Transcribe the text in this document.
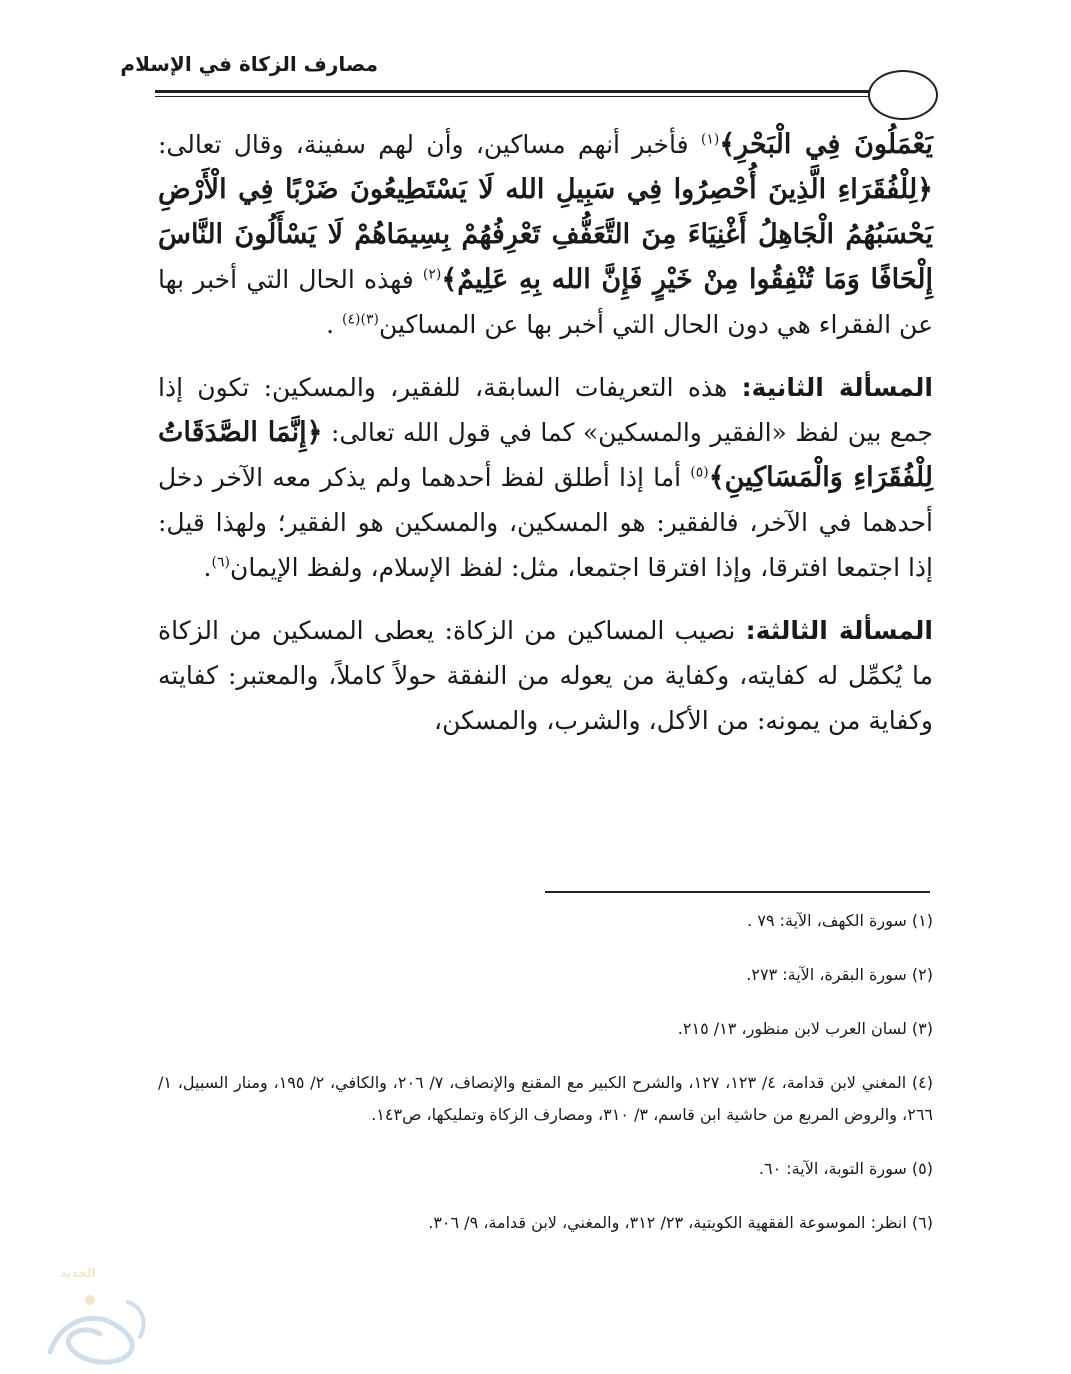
مصارف الزكاة في الإسلام

يَعْمَلُونَ فِي الْبَحْرِ﴾$^{(١)}$ فأخبر أنهم مساكين، وأن لهم سفينة، وقال تعالى: ﴿لِلْفُقَرَاءِ الَّذِينَ أُحْصِرُوا فِي سَبِيلِ الله لَا يَسْتَطِيعُونَ ضَرْبًا فِي الْأَرْضِ يَحْسَبُهُمُ الْجَاهِلُ أَغْنِيَاءَ مِنَ التَّعَفُّفِ تَعْرِفُهُمْ بِسِيمَاهُمْ لَا يَسْأَلُونَ النَّاسَ إِلْحَافًا وَمَا تُنْفِقُوا مِنْ خَيْرٍ فَإِنَّ الله بِهِ عَلِيمٌ﴾$^{(٢)}$ فهذه الحال التي أخبر بها عن الفقراء هي دون الحال التي أخبر بها عن المساكين$^{(٣)(٤)}$ .

المسألة الثانية: هذه التعريفات السابقة، للفقير، والمسكين: تكون إذا جمع بين لفظ «الفقير والمسكين» كما في قول الله تعالى: ﴿إِنَّمَا الصَّدَقَاتُ لِلْفُقَرَاءِ وَالْمَسَاكِينِ﴾$^{(٥)}$ أما إذا أطلق لفظ أحدهما ولم يذكر معه الآخر دخل أحدهما في الآخر، فالفقير: هو المسكين، والمسكين هو الفقير؛ ولهذا قيل: إذا اجتمعا افترقا، وإذا افترقا اجتمعا، مثل: لفظ الإسلام، ولفظ الإيمان$^{(٦)}$.

المسألة الثالثة: نصيب المساكين من الزكاة: يعطى المسكين من الزكاة ما يُكمِّل له كفايته، وكفاية من يعوله من النفقة حولاً كاملاً، والمعتبر: كفايته وكفاية من يمونه: من الأكل، والشرب، والمسكن،

(١) سورة الكهف، الآية: ٧٩ .

(٢) سورة البقرة، الآية: ٢٧٣.

(٣) لسان العرب لابن منظور، ١٣/ ٢١٥.

(٤) المغني لابن قدامة، ٤/ ١٢٣، ١٢٧، والشرح الكبير مع المقنع والإنصاف، ٧/ ٢٠٦، والكافي، ٢/ ١٩٥، ومنار السبيل، ١/ ٢٦٦، والروض المربع من حاشية ابن قاسم، ٣/ ٣١٠، ومصارف الزكاة وتمليكها، ص١٤٣.

(٥) سورة التوبة، الآية: ٦٠.

(٦) انظر: الموسوعة الفقهية الكويتية، ٢٣/ ٣١٢، والمغني، لابن قدامة، ٩/ ٣٠٦.

الجديد
